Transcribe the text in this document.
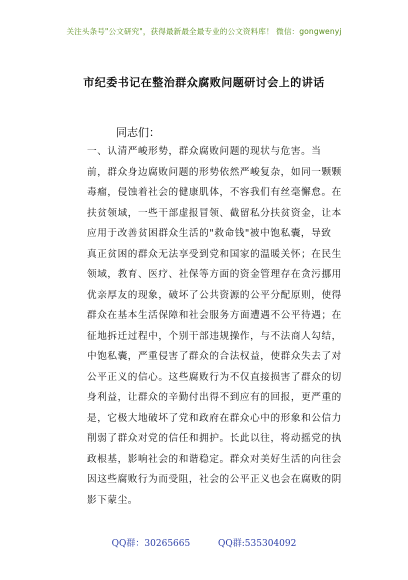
关注头条号"公文研究"，获得最新最全最专业的公文资料库！ 微信：gongwenyj
市纪委书记在整治群众腐败问题研讨会上的讲话
同志们：
一、认清严峻形势，群众腐败问题的现状与危害。当
前，群众身边腐败问题的形势依然严峻复杂，如同一颗颗
毒瘤，侵蚀着社会的健康肌体，不容我们有丝毫懈怠。在
扶贫领域，一些干部虚报冒领、截留私分扶贫资金，让本
应用于改善贫困群众生活的"救命钱"被中饱私囊，导致
真正贫困的群众无法享受到党和国家的温暖关怀；在民生
领域，教育、医疗、社保等方面的资金管理存在贪污挪用
优亲厚友的现象，破坏了公共资源的公平分配原则，使得
群众在基本生活保障和社会服务方面遭遇不公平待遇；在
征地拆迁过程中，个别干部违规操作，与不法商人勾结，
中饱私囊，严重侵害了群众的合法权益，使群众失去了对
公平正义的信心。这些腐败行为不仅直接损害了群众的切
身利益，让群众的辛勤付出得不到应有的回报，更严重的
是，它极大地破坏了党和政府在群众心中的形象和公信力
削弱了群众对党的信任和拥护。长此以往，将动摇党的执
政根基，影响社会的和谐稳定。群众对美好生活的向往会
因这些腐败行为而受阻，社会的公平正义也会在腐败的阴
影下蒙尘。
QQ群：30265665	QQ群:535304092
